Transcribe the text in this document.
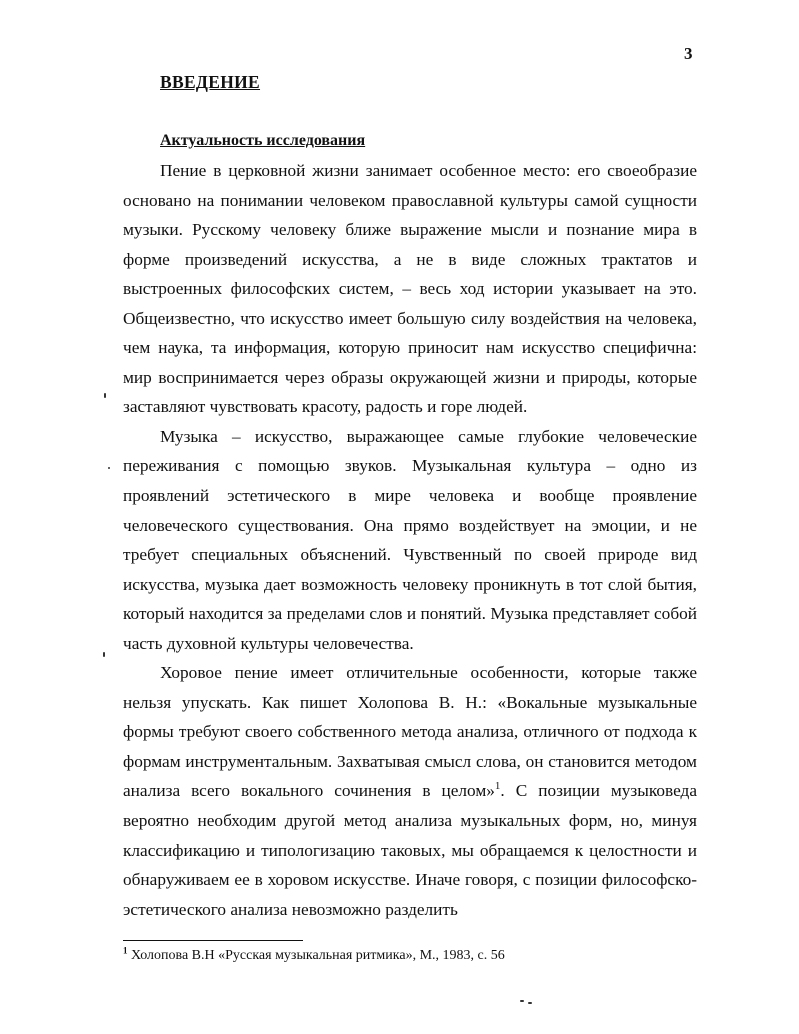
3
ВВЕДЕНИЕ
Актуальность исследования

Пение в церковной жизни занимает особенное место: его своеобразие основано на понимании человеком православной культуры самой сущности музыки. Русскому человеку ближе выражение мысли и познание мира в форме произведений искусства, а не в виде сложных трактатов и выстроенных философских систем, – весь ход истории указывает на это. Общеизвестно, что искусство имеет большую силу воздействия на человека, чем наука, та информация, которую приносит нам искусство специфична: мир воспринимается через образы окружающей жизни и природы, которые заставляют чувствовать красоту, радость и горе людей.

Музыка – искусство, выражающее самые глубокие человеческие переживания с помощью звуков. Музыкальная культура – одно из проявлений эстетического в мире человека и вообще проявление человеческого существования. Она прямо воздействует на эмоции, и не требует специальных объяснений. Чувственный по своей природе вид искусства, музыка дает возможность человеку проникнуть в тот слой бытия, который находится за пределами слов и понятий. Музыка представляет собой часть духовной культуры человечества.

Хоровое пение имеет отличительные особенности, которые также нельзя упускать. Как пишет Холопова В. Н.: «Вокальные музыкальные формы требуют своего собственного метода анализа, отличного от подхода к формам инструментальным. Захватывая смысл слова, он становится методом анализа всего вокального сочинения в целом»$^1$. С позиции музыковеда вероятно необходим другой метод анализа музыкальных форм, но, минуя классификацию и типологизацию таковых, мы обращаемся к целостности и обнаруживаем ее в хоровом искусстве. Иначе говоря, с позиции философско-эстетического анализа невозможно разделить

$^1$ Холопова В.Н «Русская музыкальная ритмика», М., 1983, с. 56
